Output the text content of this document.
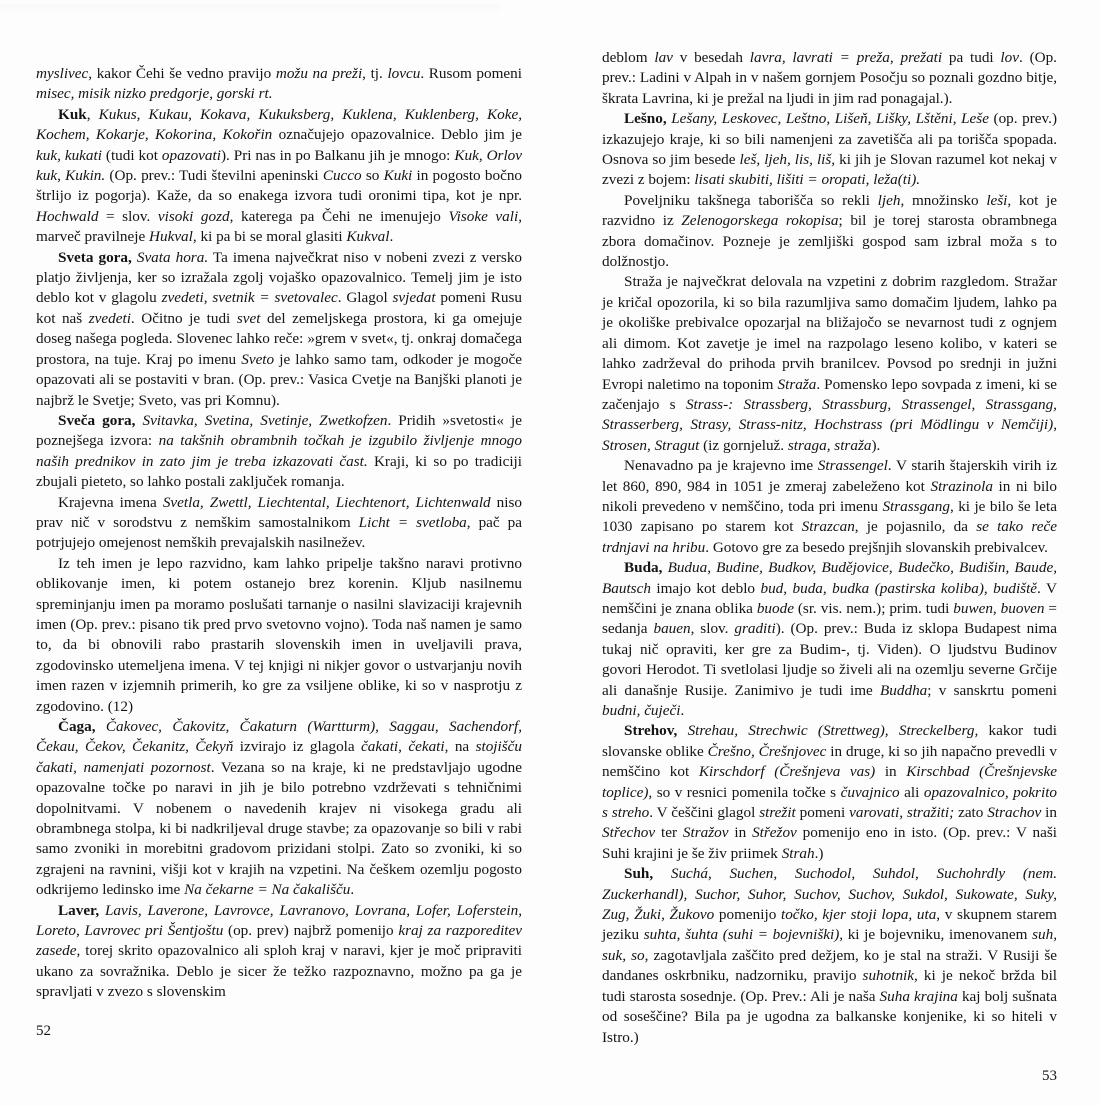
myslivec, kakor Čehi še vedno pravijo možu na preži, tj. lovcu. Rusom pomeni misec, misik nizko predgorje, gorski rt.

Kuk, Kukus, Kukau, Kokava, Kukuksberg, Kuklena, Kuklenberg, Koke, Kochem, Kokarje, Kokorina, Kokořin označujejo opazovalnice. Deblo jim je kuk, kukati (tudi kot opazovati). Pri nas in po Balkanu jih je mnogo: Kuk, Orlov kuk, Kukin. (Op. prev.: Tudi številni apeninski Cucco so Kuki in pogosto bočno štrlijo iz pogorja). Kaže, da so enakega izvora tudi oronimi tipa, kot je npr. Hochwald = slov. visoki gozd, katerega pa Čehi ne imenujejo Visoke vali, marveč pravilneje Hukval, ki pa bi se moral glasiti Kukval.

Sveta gora, Svata hora. Ta imena največkrat niso v nobeni zvezi z versko platjo življenja, ker so izražala zgolj vojaško opazovalnico. Temelj jim je isto deblo kot v glagolu zvedeti, svetnik = svetovalec. Glagol svjedat pomeni Rusu kot naš zvedeti. Očitno je tudi svet del zemeljskega prostora, ki ga omejuje doseg našega pogleda. Slovenec lahko reče: »grem v svet«, tj. onkraj domačega prostora, na tuje. Kraj po imenu Sveto je lahko samo tam, odkoder je mogoče opazovati ali se postaviti v bran. (Op. prev.: Vasica Cvetje na Banjški planoti je najbrž le Svetje; Sveto, vas pri Komnu).

Sveča gora, Svitavka, Svetina, Svetinje, Zwetkofzen. Pridih »svetosti« je poznejšega izvora: na takšnih obrambnih točkah je izgubilo življenje mnogo naših prednikov in zato jim je treba izkazovati čast. Kraji, ki so po tradiciji zbujali pieteto, so lahko postali zaključek romanja.

Krajevna imena Svetla, Zwettl, Liechtental, Liechtenort, Lichtenwald niso prav nič v sorodstvu z nemškim samostalnikom Licht = svetloba, pač pa potrjujejo omejenost nemških prevajalskih nasilnežev.

Iz teh imen je lepo razvidno, kam lahko pripelje takšno naravi protivno oblikovanje imen, ki potem ostanejo brez korenin. Kljub nasilnemu spreminjanju imen pa moramo poslušati tarnanje o nasilni slavizaciji krajevnih imen (Op. prev.: pisano tik pred prvo svetovno vojno). Toda naš namen je samo to, da bi obnovili rabo prastarih slovenskih imen in uveljavili prava, zgodovinsko utemeljena imena. V tej knjigi ni nikjer govor o ustvarjanju novih imen razen v izjemnih primerih, ko gre za vsiljene oblike, ki so v nasprotju z zgodovino. (12)

Čaga, Čakovec, Čakovitz, Čakaturn (Wartturm), Saggau, Sachendorf, Čekau, Čekov, Čekanitz, Čekyň izvirajo iz glagola čakati, čekati, na stojišču čakati, namenjati pozornost. Vezana so na kraje, ki ne predstavljajo ugodne opazovalne točke po naravi in jih je bilo potrebno vzdrževati s tehničnimi dopolnitvami. V nobenem o navedenih krajev ni visokega gradu ali obrambnega stolpa, ki bi nadkriljeval druge stavbe; za opazovanje so bili v rabi samo zvoniki in morebitni gradovom prizidani stolpi. Zato so zvoniki, ki so zgrajeni na ravnini, višji kot v krajih na vzpetini. Na češkem ozemlju pogosto odkrijemo ledinsko ime Na čekarne = Na čakališču.

Laver, Lavis, Laverone, Lavrovce, Lavranovo, Lovrana, Lofer, Loferstein, Loreto, Lavrovec pri Šentjoštu (op. prev) najbrž pomenijo kraj za razporeditev zasede, torej skrito opazovalnico ali sploh kraj v naravi, kjer je moč pripraviti ukano za sovražnika. Deblo je sicer že težko razpoznavno, možno pa ga je spravljati v zvezo s slovenskim

52

deblom lav v besedah lavra, lavrati = preža, prežati pa tudi lov. (Op. prev.: Ladini v Alpah in v našem gornjem Posočju so poznali gozdno bitje, škrata Lavrina, ki je prežal na ljudi in jim rad ponagajal.).

Lešno, Lešany, Leskovec, Leštno, Lišeň, Lišky, Lštěni, Leše (op. prev.) izkazujejo kraje, ki so bili namenjeni za zavetišča ali pa torišča spopada. Osnova so jim besede leš, ljeh, lis, liš, ki jih je Slovan razumel kot nekaj v zvezi z bojem: lisati skubiti, lišiti = oropati, leža(ti).

Poveljniku takšnega taborišča so rekli ljeh, množinsko leši, kot je razvidno iz Zelenogorskega rokopisa; bil je torej starosta obrambnega zbora domačinov. Pozneje je zemljiški gospod sam izbral moža s to dolžnostjo.

Straža je največkrat delovala na vzpetini z dobrim razgledom. Stražar je kričal opozorila, ki so bila razumljiva samo domačim ljudem, lahko pa je okoliške prebivalce opozarjal na bližajočo se nevarnost tudi z ognjem ali dimom. Kot zavetje je imel na razpolago leseno kolibo, v kateri se lahko zadrževal do prihoda prvih branilcev. Povsod po srednji in južni Evropi naletimo na toponim Straža. Pomensko lepo sovpada z imeni, ki se začenjajo s Strass-: Strassberg, Strassburg, Strassengel, Strassgang, Strasserberg, Strasy, Strass-nitz, Hochstrass (pri Mödlingu v Nemčiji), Strosen, Stragut (iz gornjeluž. straga, straža).

Nenavadno pa je krajevno ime Strassengel. V starih štajerskih virih iz let 860, 890, 984 in 1051 je zmeraj zabeleženo kot Strazinola in ni bilo nikoli prevedeno v nemščino, toda pri imenu Strassgang, ki je bilo še leta 1030 zapisano po starem kot Strazcan, je pojasnilo, da se tako reče trdnjavi na hribu. Gotovo gre za besedo prejšnjih slovanskih prebivalcev.

Buda, Budua, Budine, Budkov, Budějovice, Budečko, Budišin, Baude, Bautsch imajo kot deblo bud, buda, budka (pastirska koliba), budiště. V nemščini je znana oblika buode (sr. vis. nem.); prim. tudi buwen, buoven = sedanja bauen, slov. graditi). (Op. prev.: Buda iz sklopa Budapest nima tukaj nič opraviti, ker gre za Budim-, tj. Viden). O ljudstvu Budinov govori Herodot. Ti svetlolasi ljudje so živeli ali na ozemlju severne Grčije ali današnje Rusije. Zanimivo je tudi ime Buddha; v sanskrtu pomeni budni, čuječi.

Strehov, Strehau, Strechwic (Strettweg), Streckelberg, kakor tudi slovanske oblike Črešno, Črešnjovec in druge, ki so jih napačno prevedli v nemščino kot Kirschdorf (Črešnjeva vas) in Kirschbad (Črešnjevske toplice), so v resnici pomenila točke s čuvajnico ali opazovalnico, pokrito s streho. V češčini glagol strežit pomeni varovati, stražiti; zato Strachov in Střechov ter Stražov in Střežov pomenijo eno in isto. (Op. prev.: V naši Suhi krajini je še živ priimek Strah.)

Suh, Suchá, Suchen, Suchodol, Suhdol, Suchohrdly (nem. Zuckerhandl), Suchor, Suhor, Suchov, Suchov, Sukdol, Sukowate, Suky, Zug, Žuki, Žukovo pomenijo točko, kjer stoji lopa, uta, v skupnem starem jeziku suhta, šuhta (suhi = bojevniški), ki je bojevniku, imenovanem suh, suk, so, zagotavljala zaščito pred dežjem, ko je stal na straži. V Rusiji še dandanes oskrbniku, nadzorniku, pravijo suhotnik, ki je nekoč bržda bil tudi starosta sosednje. (Op. Prev.: Ali je naša Suha krajina kaj bolj sušnata od soseščine? Bila pa je ugodna za balkanske konjenike, ki so hiteli v Istro.)

53
